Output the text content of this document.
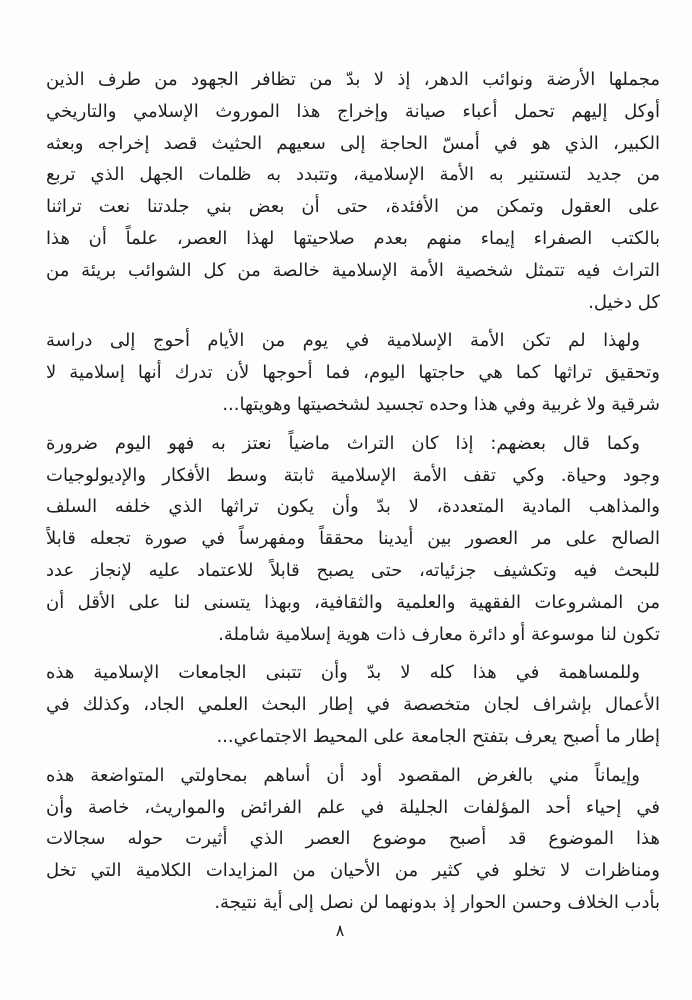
مجملها الأرضة ونوائب الدهر، إذ لا بدّ من تظافر الجهود من طرف الذين
أوكل إليهم تحمل أعباء صيانة وإخراج هذا الموروث الإسلامي والتاريخي
الكبير، الذي هو في أمسّ الحاجة إلى سعيهم الحثيث قصد إخراجه وبعثه
من جديد لتستنير به الأمة الإسلامية، وتتبدد به ظلمات الجهل الذي تربع
على العقول وتمكن من الأفئدة، حتى أن بعض بني جلدتنا نعت تراثنا
بالكتب الصفراء إيماء منهم بعدم صلاحيتها لهذا العصر، علماً أن هذا
التراث فيه تتمثل شخصية الأمة الإسلامية خالصة من كل الشوائب بريئة من
كل دخيل.
ولهذا لم تكن الأمة الإسلامية في يوم من الأيام أحوج إلى دراسة
وتحقيق تراثها كما هي حاجتها اليوم، فما أحوجها لأن تدرك أنها إسلامية لا
شرقية ولا غربية وفي هذا وحده تجسيد لشخصيتها وهويتها...
وكما قال بعضهم: إذا كان التراث ماضياً نعتز به فهو اليوم ضرورة
وجود وحياة. وكي تقف الأمة الإسلامية ثابتة وسط الأفكار والإديولوجيات
والمذاهب المادية المتعددة، لا بدّ وأن يكون تراثها الذي خلفه السلف
الصالح على مر العصور بين أيدينا محققاً ومفهرساً في صورة تجعله قابلاً
للبحث فيه وتكشيف جزئياته، حتى يصبح قابلاً للاعتماد عليه لإنجاز عدد
من المشروعات الفقهية والعلمية والثقافية، وبهذا يتسنى لنا على الأقل أن
تكون لنا موسوعة أو دائرة معارف ذات هوية إسلامية شاملة.
وللمساهمة في هذا كله لا بدّ وأن تتبنى الجامعات الإسلامية هذه
الأعمال بإشراف لجان متخصصة في إطار البحث العلمي الجاد، وكذلك في
إطار ما أصبح يعرف بتفتح الجامعة على المحيط الاجتماعي...
وإيماناً مني بالغرض المقصود أود أن أساهم بمحاولتي المتواضعة هذه
في إحياء أحد المؤلفات الجليلة في علم الفرائض والمواريث، خاصة وأن
هذا الموضوع قد أصبح موضوع العصر الذي أثيرت حوله سجالات
ومناظرات لا تخلو في كثير من الأحيان من المزايدات الكلامية التي تخل
بأدب الخلاف وحسن الحوار إذ بدونهما لن نصل إلى أية نتيجة.
٨
